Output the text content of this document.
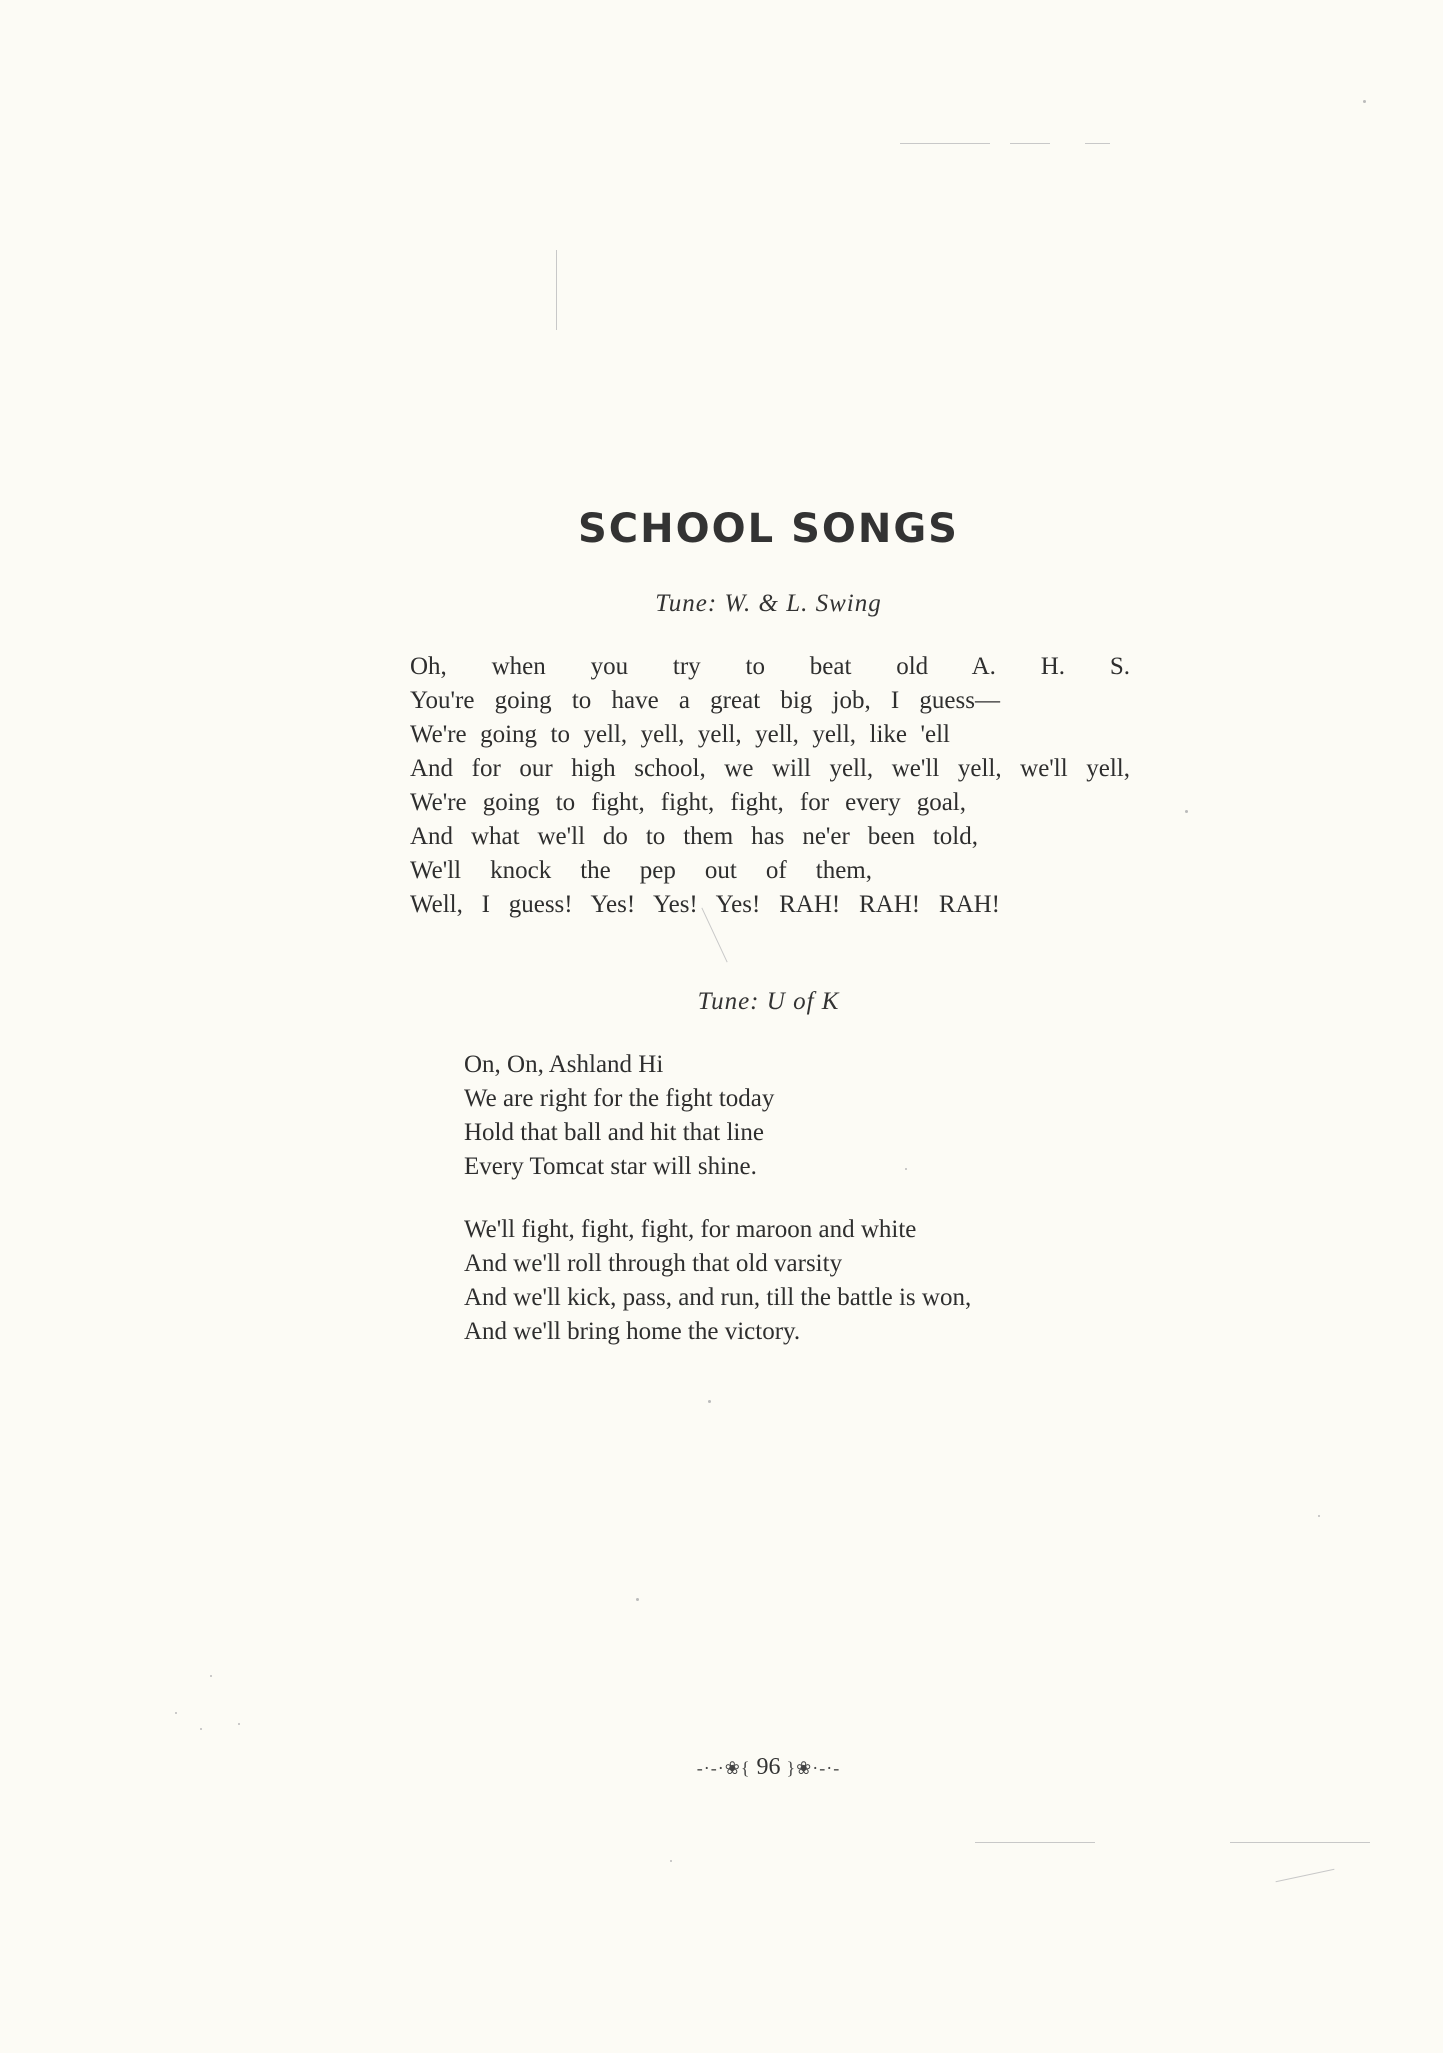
SCHOOL SONGS
Tune: W. & L. Swing
Oh, when you try to beat old A. H. S.
You're going to have a great big job, I guess—
We're going to yell, yell, yell, yell, yell, like 'ell
And for our high school, we will yell, we'll yell, we'll yell,
We're going to fight, fight, fight, for every goal,
And what we'll do to them has ne'er been told,
We'll knock the pep out of them,
Well, I guess! Yes! Yes! Yes! RAH! RAH! RAH!
Tune: U of K
On, On, Ashland Hi
We are right for the fight today
Hold that ball and hit that line
Every Tomcat star will shine.
We'll fight, fight, fight, for maroon and white
And we'll roll through that old varsity
And we'll kick, pass, and run, till the battle is won,
And we'll bring home the victory.
-·-·❀{ 96 }❀·-·-
